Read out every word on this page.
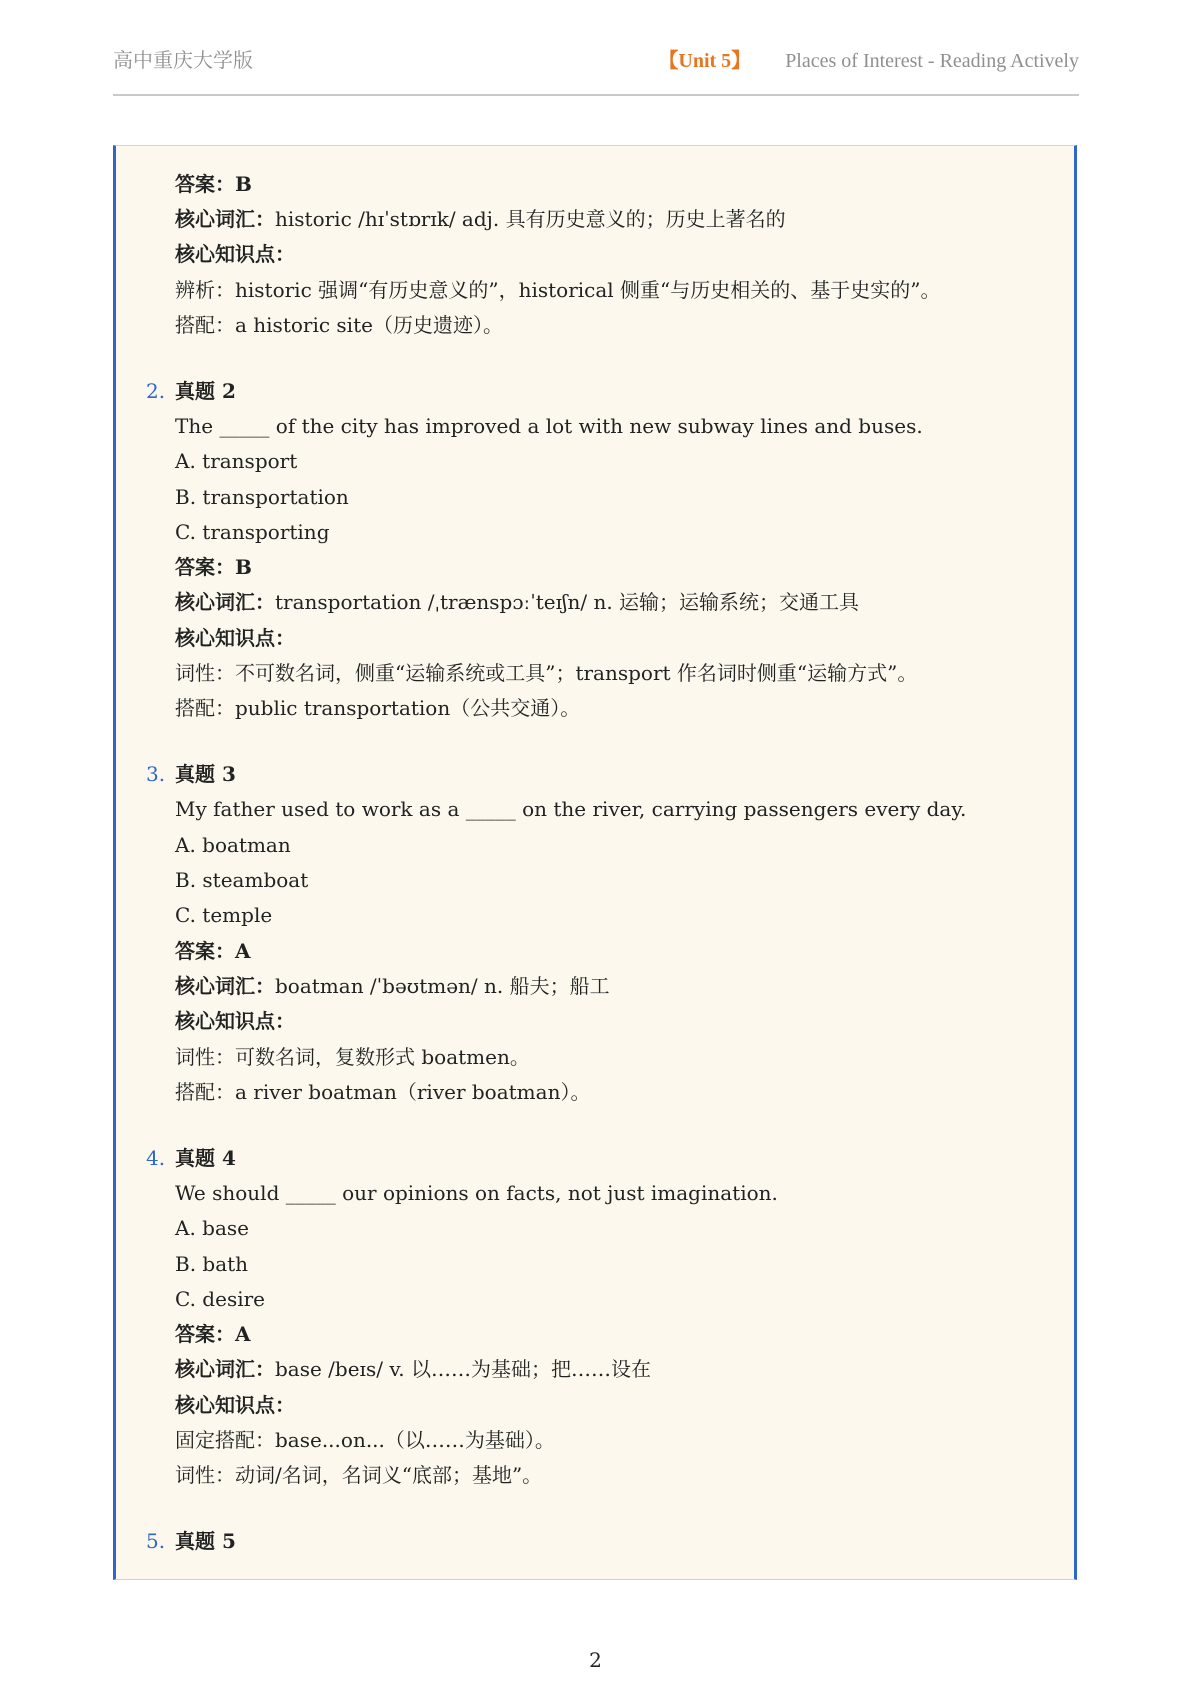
高中重庆大学版	【Unit 5】 Places of Interest - Reading Actively
答案：B
核心词汇：historic /hɪˈstɒrɪk/ adj. 具有历史意义的；历史上著名的
核心知识点：
辨析：historic 强调“有历史意义的”，historical 侧重“与历史相关的、基于史实的”。
搭配：a historic site（历史遗迹）。
2. 真题 2
The _____ of the city has improved a lot with new subway lines and buses.
A. transport
B. transportation
C. transporting
答案：B
核心词汇：transportation /ˌtrænspɔːˈteɪʃn/ n. 运输；运输系统；交通工具
核心知识点：
词性：不可数名词，侧重“运输系统或工具”；transport 作名词时侧重“运输方式”。
搭配：public transportation（公共交通）。
3. 真题 3
My father used to work as a _____ on the river, carrying passengers every day.
A. boatman
B. steamboat
C. temple
答案：A
核心词汇：boatman /ˈbəʊtmən/ n. 船夫；船工
核心知识点：
词性：可数名词，复数形式 boatmen。
搭配：a river boatman（river boatman）。
4. 真题 4
We should _____ our opinions on facts, not just imagination.
A. base
B. bath
C. desire
答案：A
核心词汇：base /beɪs/ v. 以……为基础；把……设在
核心知识点：
固定搭配：base...on...（以……为基础）。
词性：动词/名词，名词义“底部；基地”。
5. 真题 5
2
